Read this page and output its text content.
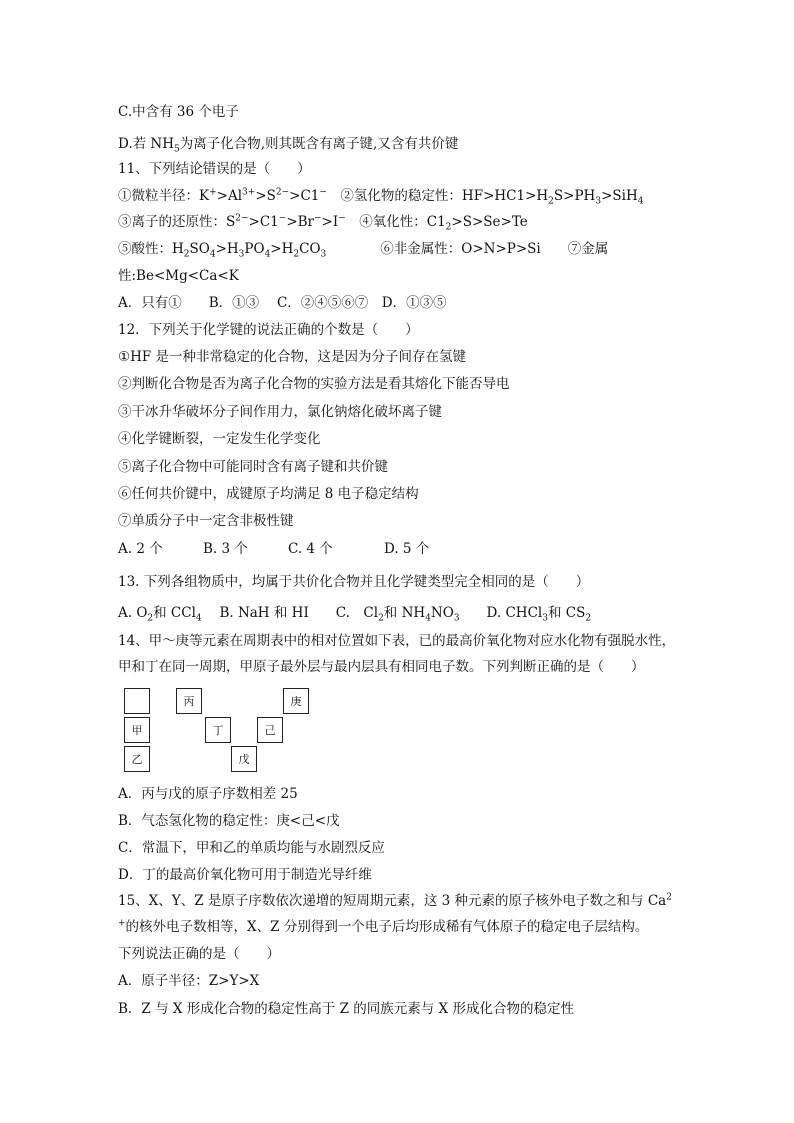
C.中含有 36 个电子
D.若 $NH_5$为离子化合物,则其既含有离子键,又含有共价键
11、下列结论错误的是（　　）
①微粒半径：$K^+>Al^{3+}>S^{2-}>C1^-$　②氢化物的稳定性：$HF>HC1>H_2S>PH_3>SiH_4$
③离子的还原性：$S^{2-}>C1^->Br^->I^-$　④氧化性：$C1_2>S>Se>Te$
⑤酸性：$H_2SO_4>H_3PO_4>H_2CO_3$　　　　⑥非金属性：O>N>P>Si　　⑦金属
性:Be<Mg<Ca<K
A．只有①　　B．①③　 C．②④⑤⑥⑦　D．①③⑤
12．下列关于化学键的说法正确的个数是（　　）
①HF 是一种非常稳定的化合物，这是因为分子间存在氢键
②判断化合物是否为离子化合物的实验方法是看其熔化下能否导电
③干冰升华破坏分子间作用力，氯化钠熔化破坏离子键
④化学键断裂，一定发生化学变化
⑤离子化合物中可能同时含有离子键和共价键
⑥任何共价键中，成键原子均满足 8 电子稳定结构
⑦单质分子中一定含非极性键
A. 2 个	B. 3 个	C. 4 个	D. 5 个
13. 下列各组物质中，均属于共价化合物并且化学键类型完全相同的是（　　）
A. $O_2$和 CCl$_4$　 B. NaH 和 HI　　C.　$Cl_2$和 $NH_4NO_3$　　D. CHCl$_3$和 $CS_2$
14、甲～庚等元素在周期表中的相对位置如下表，已的最高价氧化物对应水化物有强脱水性，
甲和丁在同一周期，甲原子最外层与最内层具有相同电子数。下列判断正确的是（　　）
A．丙与戊的原子序数相差 25
B．气态氢化物的稳定性：庚<己<戊
C．常温下，甲和乙的单质均能与水剧烈反应
D．丁的最高价氧化物可用于制造光导纤维
15、X、Y、Z 是原子序数依次递增的短周期元素，这 3 种元素的原子核外电子数之和与 Ca$^2$
+的核外电子数相等，X、Z 分别得到一个电子后均形成稀有气体原子的稳定电子层结构。
下列说法正确的是（　　）
A．原子半径：Z>Y>X
B．Z 与 X 形成化合物的稳定性高于 Z 的同族元素与 X 形成化合物的稳定性
甲
乙
丙
丁
戊
己
庚
